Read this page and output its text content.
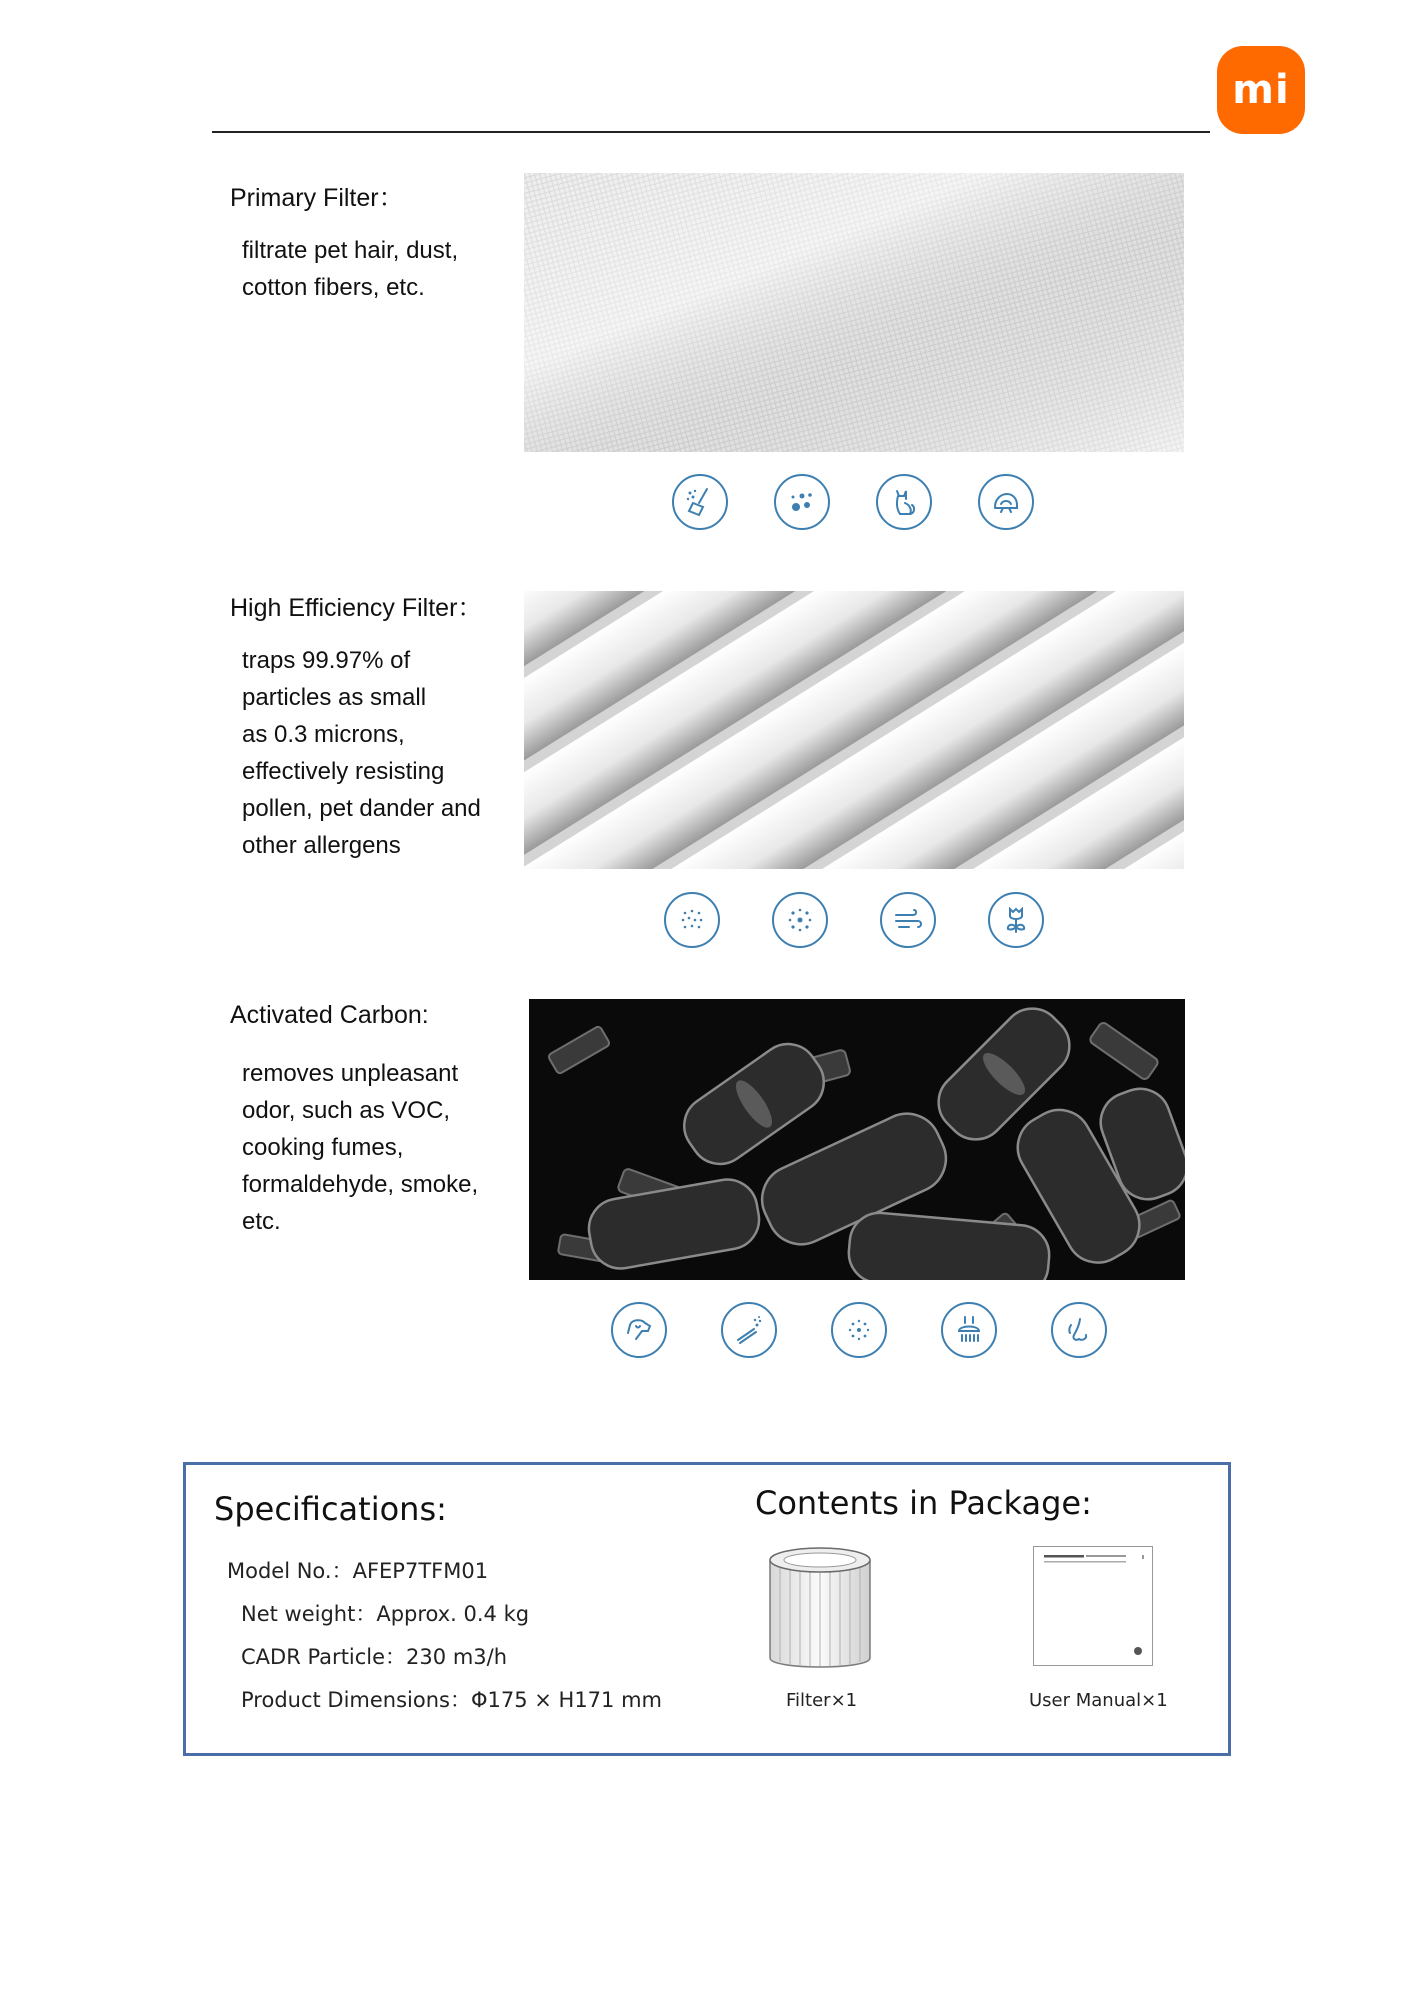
mi
Primary Filter：
filtrate pet hair, dust,
cotton fibers, etc.
High Efficiency Filter：
traps 99.97% of
particles as small
as 0.3 microns,
effectively resisting
pollen, pet dander and
other allergens
Activated Carbon:
removes unpleasant
odor, such as VOC,
cooking fumes,
formaldehyde, smoke,
etc.
Specifications:
Model No.：AFEP7TFM01
Net weight：Approx. 0.4 kg
CADR Particle：230 m3/h
Product Dimensions：Φ175 × H171 mm
Contents in Package:
Filter×1	User Manual×1
